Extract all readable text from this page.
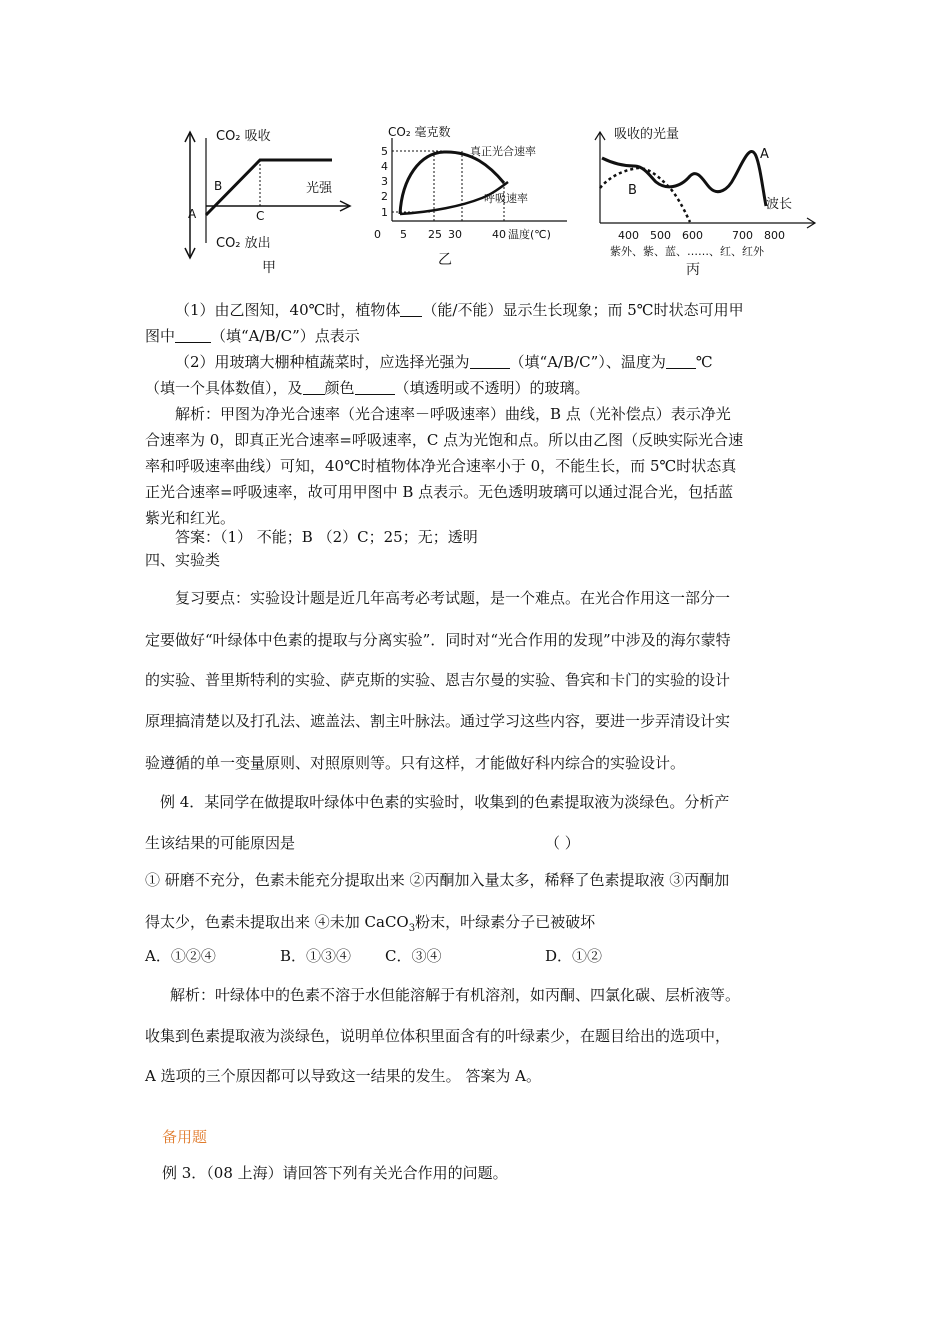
CO₂ 吸收
CO₂ 放出
光强
A
B
C
甲
CO₂ 毫克数
真正光合速率
呼吸速率
5
4
3
2
1
0 5 25 30	40 温度(℃)
乙
吸收的光量
A
B
波长
400 500 600	700 800
紫外、紫、蓝、……、红、红外
丙
（1）由乙图知，40℃时，植物体 （能/不能）显示生长现象；而 5℃时状态可用甲
图中 （填“A/B/C”）点表示
（2）用玻璃大棚种植蔬菜时，应选择光强为	（填“A/B/C”）、温度为 ℃
（填一个具体数值），及 颜色	（填透明或不透明）的玻璃。
解析：甲图为净光合速率（光合速率－呼吸速率）曲线，B 点（光补偿点）表示净光
合速率为 0，即真正光合速率=呼吸速率，C 点为光饱和点。所以由乙图（反映实际光合速
率和呼吸速率曲线）可知，40℃时植物体净光合速率小于 0，不能生长，而 5℃时状态真
正光合速率=呼吸速率，故可用甲图中 B 点表示。无色透明玻璃可以通过混合光，包括蓝
紫光和红光。
答案：（1） 不能；B （2）C；25；无；透明
四、实验类
复习要点：实验设计题是近几年高考必考试题，是一个难点。在光合作用这一部分一
定要做好“叶绿体中色素的提取与分离实验”．同时对“光合作用的发现”中涉及的海尔蒙特
的实验、普里斯特利的实验、萨克斯的实验、恩吉尔曼的实验、鲁宾和卡门的实验的设计
原理搞清楚以及打孔法、遮盖法、割主叶脉法。通过学习这些内容，要进一步弄清设计实
验遵循的单一变量原则、对照原则等。只有这样，才能做好科内综合的实验设计。
例 4．某同学在做提取叶绿体中色素的实验时，收集到的色素提取液为淡绿色。分析产
生该结果的可能原因是	（ ）
① 研磨不充分，色素未能充分提取出来 ②丙酮加入量太多，稀释了色素提取液 ③丙酮加
得太少，色素未提取出来 ④未加 CaCO$_3$粉末，叶绿素分子已被破坏
A．①②④	B．①③④ C．③④	D．①②
解析：叶绿体中的色素不溶于水但能溶解于有机溶剂，如丙酮、四氯化碳、层析液等。
收集到色素提取液为淡绿色，说明单位体积里面含有的叶绿素少，在题目给出的选项中，
A 选项的三个原因都可以导致这一结果的发生。 答案为 A。
备用题
例 3．（08 上海）请回答下列有关光合作用的问题。
